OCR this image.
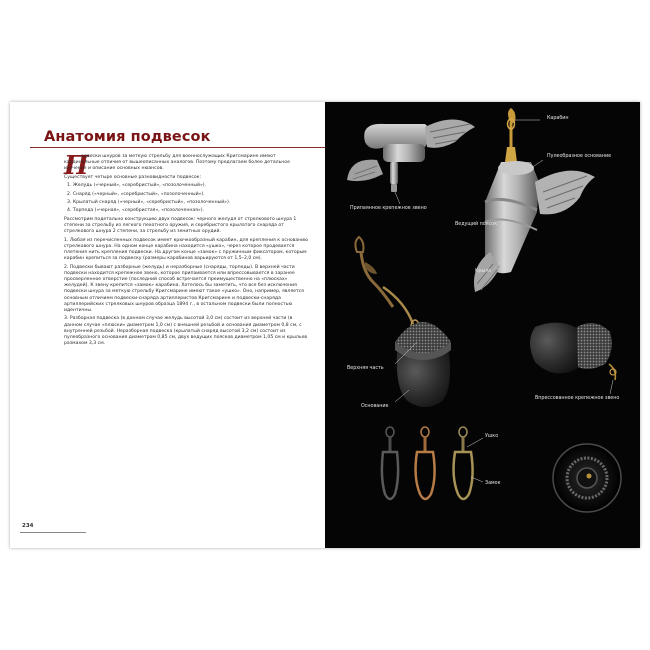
Анатомия подвесок
П

одвески шнуров за меткую стрельбу для военнослужащих Кригсмарине имеют кардинальные отличия от вышеописанных аналогов. Поэтому предлагаем более детальное изучение и описание основных нюансов.

Существует четыре основные разновидности подвесок:

1. Желудь («черный», «серебристый», «позолоченный»).

2. Снаряд («черный», «серебристый», «позолоченный»).

3. Крылатый снаряд («черный», «серебристый», «позолоченный»).

4. Торпеда («черная», «серебристая», «позолоченная»).

Рассмотрим подетально конструкцию двух подвесок: черного желудя от стрелкового шнура 1 степени за стрельбу из легкого пехотного оружия, и серебристого крылатого снаряда от стрелкового шнура 2 степени, за стрельбу из зенитных орудий.

1. Любая из перечисленных подвесок имеет крючкообразный карабин, для крепления к основанию стрелкового шнура. На одном конце карабина находится «ушко», через которое продевается плетения нить крепления подвески. На другом конце «замок» с пружинным фиксатором, которым карабин крепиться за подвеску (размеры карабинов варьируются от 1,5–2,0 см).

2. Подвески бывают разборные (желудь) и неразборные (снаряды, торпеды). В верхней части подвески находится крепежное звено, которое припаивается или впрессовывается в заранее просверленное отверстие (последний способ встречается преимущественно на «плюсках» желудей). К звену крепится «замок» карабина. Хотелось бы заметить, что все без исключения подвески шнура за меткую стрельбу Кригсмарине имеют такое «ушко». Оно, например, является основным отличием подвески-снаряда артиллеристов Кригсмарине и подвески-снаряда артиллерийских стрелковых шнуров образца 1894 г., в остальном подвески были полностью идентичны.

3. Разборная подвеска (в данном случае желудь высотой 3,0 см) состоит из верхней части (в данном случае «плюски» диаметром 1,0 см) с внешней резьбой и основания диаметром 0,8 см, с внутренней резьбой. Неразборная подвеска (крылатый снаряд высотой 3,2 см) состоит из пулеобразного основания диаметром 0,85 см, двух ведущих поясков диаметром 1,05 см и крыльев размахом 3,3 см.

234
Карабин
Пулеобразное основание
Припаянное крепежное звено
Ведущий поясок
Крыло
Верхняя часть
Основание
Впрессованное крепежное звено
Ушко
Замок
